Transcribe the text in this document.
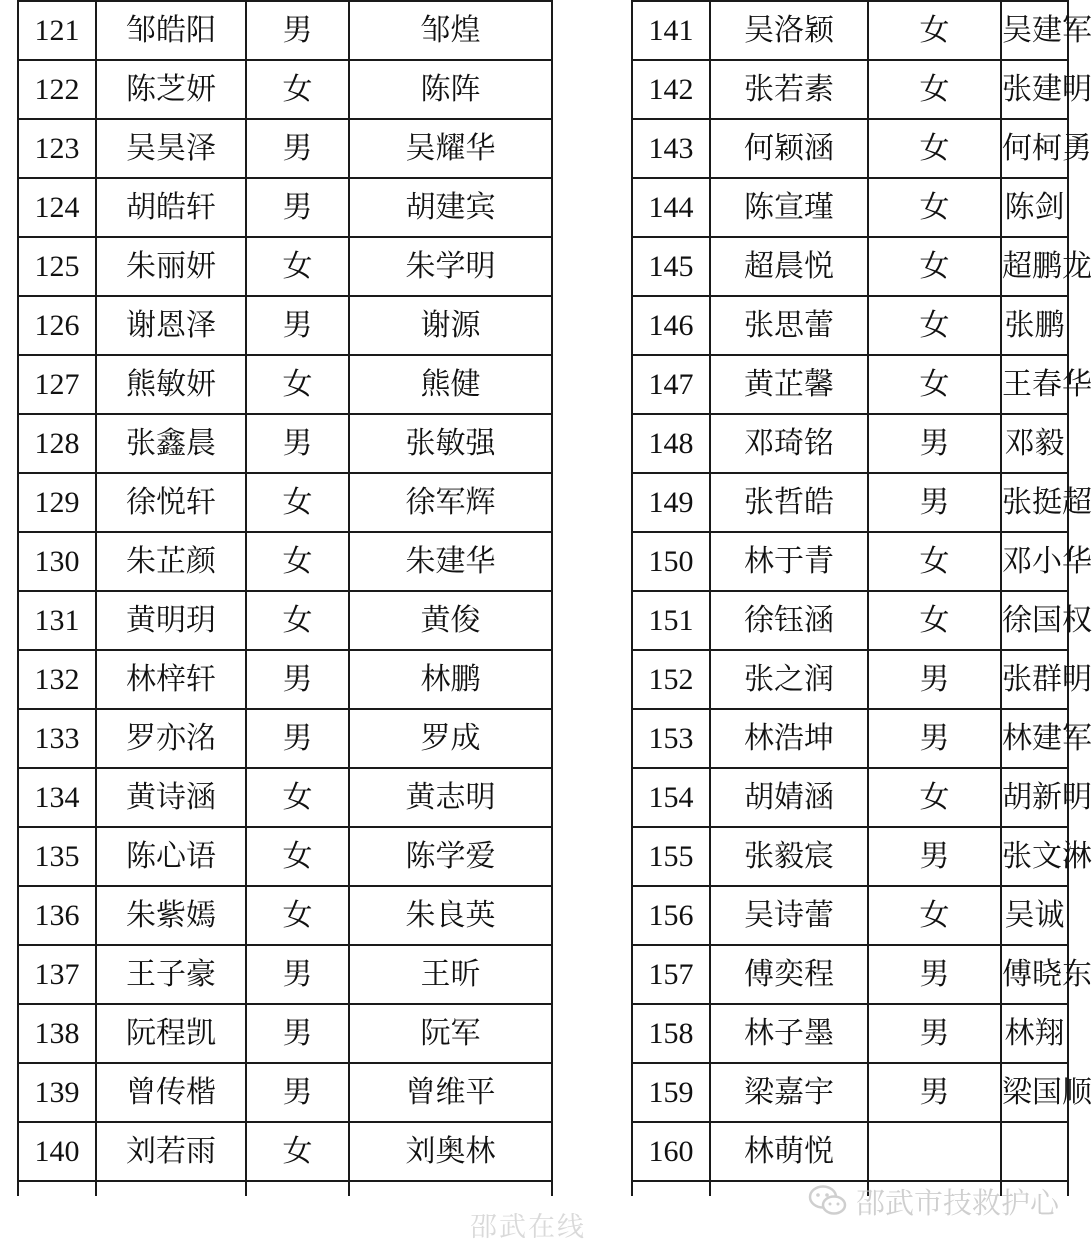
121	邹皓阳	男	邹煌		141	吴洛颖	女	吴建军
122	陈芝妍	女	陈阵		142	张若素	女	张建明
123	吴昊泽	男	吴耀华		143	何颖涵	女	何柯勇
124	胡皓轩	男	胡建宾		144	陈宣瑾	女	陈剑
125	朱丽妍	女	朱学明		145	超晨悦	女	超鹏龙
126	谢恩泽	男	谢源		146	张思蕾	女	张鹏
127	熊敏妍	女	熊健		147	黄芷馨	女	王春华
128	张鑫晨	男	张敏强		148	邓琦铭	男	邓毅
129	徐悦轩	女	徐军辉		149	张哲皓	男	张挺超
130	朱芷颜	女	朱建华		150	林于青	女	邓小华
131	黄明玥	女	黄俊		151	徐钰涵	女	徐国权
132	林梓轩	男	林鹏		152	张之润	男	张群明
133	罗亦洺	男	罗成		153	林浩坤	男	林建军
134	黄诗涵	女	黄志明		154	胡婧涵	女	胡新明
135	陈心语	女	陈学爱		155	张毅宸	男	张文淋
136	朱紫嫣	女	朱良英		156	吴诗蕾	女	吴诚
137	王子豪	男	王昕		157	傅奕程	男	傅晓东
138	阮程凯	男	阮军		158	林子墨	男	林翔
139	曾传楷	男	曾维平		159	梁嘉宇	男	梁国顺
140	刘若雨	女	刘奥林		160	林萌悦		

邵武市技救护心
邵武在线
